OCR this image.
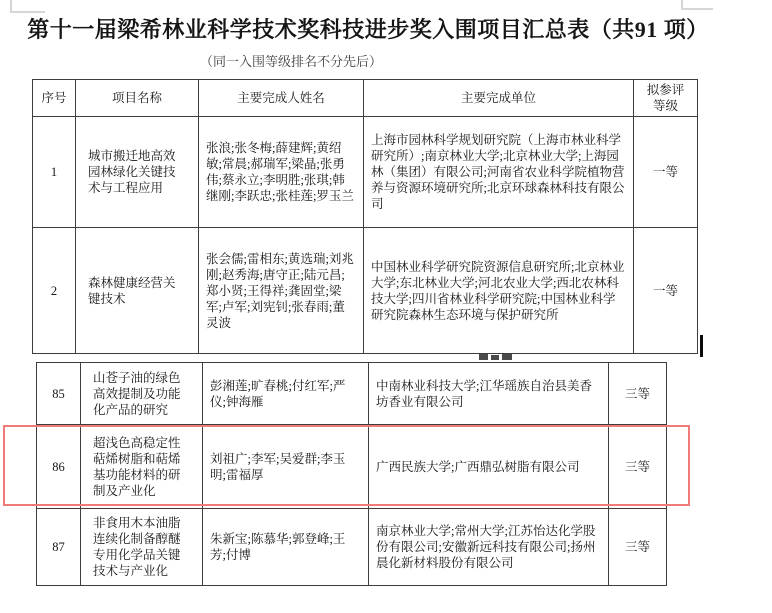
第十一届梁希林业科学技术奖科技进步奖入围项目汇总表（共91 项）
（同一入围等级排名不分先后）
序号	项目名称	主要完成人姓名	主要完成单位	拟参评等级
1	城市搬迁地高效园林绿化关键技术与工程应用	张浪;张冬梅;薛建辉;黄绍敏;常晨;郝瑞军;梁晶;张勇伟;蔡永立;李明胜;张琪;韩继刚;李跃忠;张桂莲;罗玉兰	上海市园林科学规划研究院（上海市林业科学研究所）;南京林业大学;北京林业大学;上海园林（集团）有限公司;河南省农业科学院植物营养与资源环境研究所;北京环球森林科技有限公司	一等
2	森林健康经营关键技术	张会儒;雷相东;黄选瑞;刘兆刚;赵秀海;唐守正;陆元昌;郑小贤;王得祥;龚固堂;梁军;卢军;刘宪钊;张春雨;董灵波	中国林业科学研究院资源信息研究所;北京林业大学;东北林业大学;河北农业大学;西北农林科技大学;四川省林业科学研究院;中国林业科学研究院森林生态环境与保护研究所	一等
85	山苍子油的绿色高效提制及功能化产品的研究	彭湘莲;旷春桃;付红军;严仪;钟海雁	中南林业科技大学;江华瑶族自治县美香坊香业有限公司	三等
86	超浅色高稳定性萜烯树脂和萜烯基功能材料的研制及产业化	刘祖广;李军;吴爱群;李玉明;雷福厚	广西民族大学;广西鼎弘树脂有限公司	三等
87	非食用木本油脂连续化制备醇醚专用化学品关键技术与产业化	朱新宝;陈慕华;郭登峰;王芳;付博	南京林业大学;常州大学;江苏怡达化学股份有限公司;安徽新远科技有限公司;扬州晨化新材料股份有限公司	三等
